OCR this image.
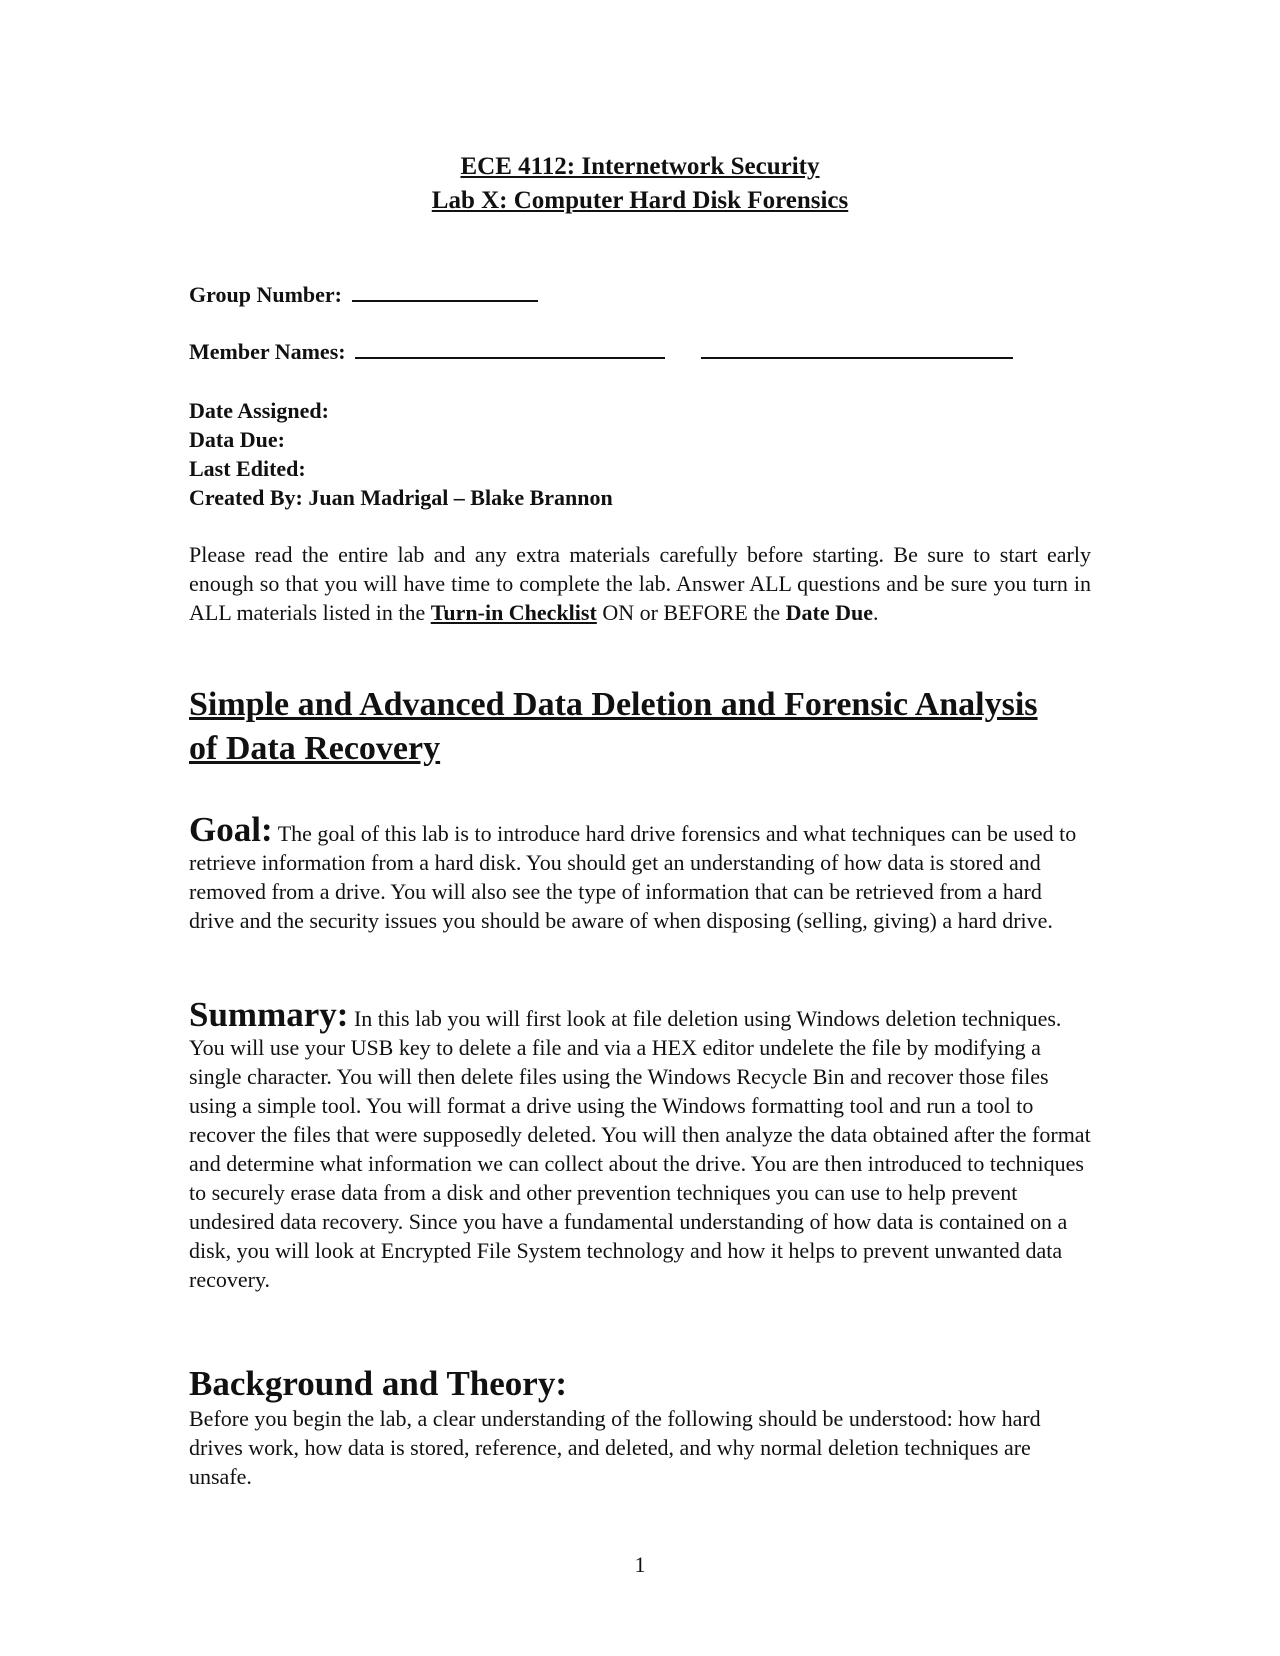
ECE 4112: Internetwork Security
Lab X: Computer Hard Disk Forensics
Group Number:
Member Names:
Date Assigned:
Data Due:
Last Edited:
Created By: Juan Madrigal – Blake Brannon
Please read the entire lab and any extra materials carefully before starting. Be sure to start early enough so that you will have time to complete the lab. Answer ALL questions and be sure you turn in ALL materials listed in the Turn-in Checklist ON or BEFORE the Date Due.
Simple and Advanced Data Deletion and Forensic Analysis of Data Recovery
Goal: The goal of this lab is to introduce hard drive forensics and what techniques can be used to retrieve information from a hard disk. You should get an understanding of how data is stored and removed from a drive. You will also see the type of information that can be retrieved from a hard drive and the security issues you should be aware of when disposing (selling, giving) a hard drive.
Summary: In this lab you will first look at file deletion using Windows deletion techniques. You will use your USB key to delete a file and via a HEX editor undelete the file by modifying a single character. You will then delete files using the Windows Recycle Bin and recover those files using a simple tool. You will format a drive using the Windows formatting tool and run a tool to recover the files that were supposedly deleted. You will then analyze the data obtained after the format and determine what information we can collect about the drive. You are then introduced to techniques to securely erase data from a disk and other prevention techniques you can use to help prevent undesired data recovery. Since you have a fundamental understanding of how data is contained on a disk, you will look at Encrypted File System technology and how it helps to prevent unwanted data recovery.
Background and Theory:
Before you begin the lab, a clear understanding of the following should be understood: how hard drives work, how data is stored, reference, and deleted, and why normal deletion techniques are unsafe.
1
